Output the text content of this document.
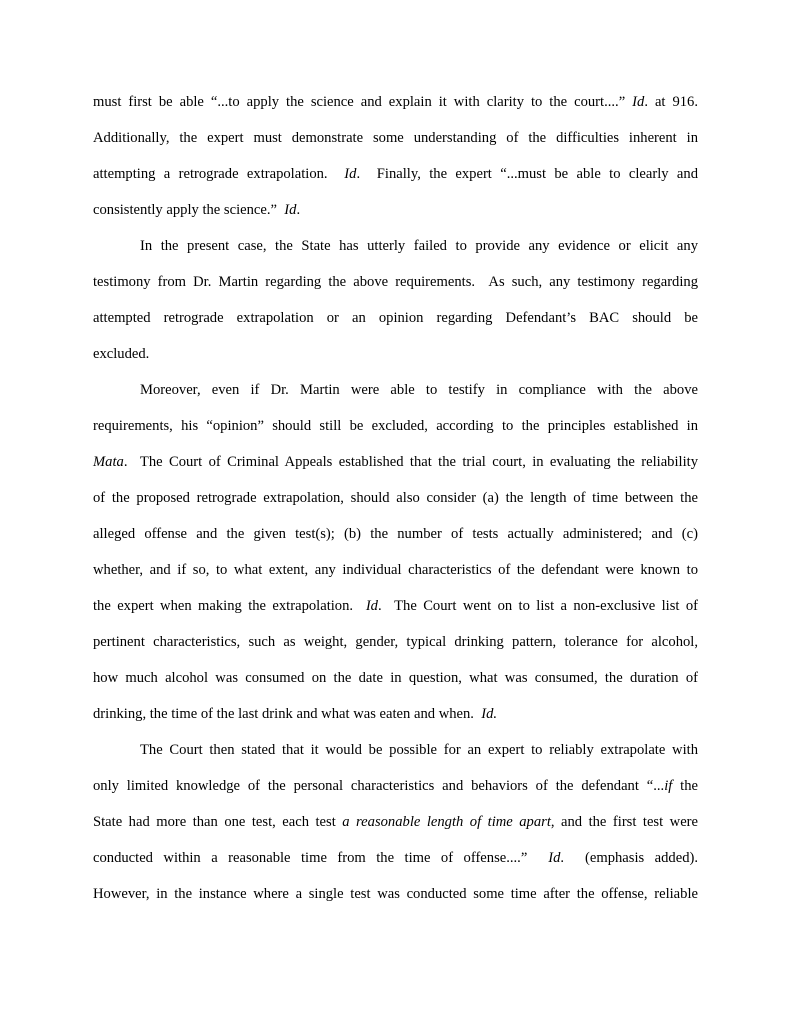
must first be able “...to apply the science and explain it with clarity to the court....” Id. at 916.
Additionally, the expert must demonstrate some understanding of the difficulties inherent in
attempting a retrograde extrapolation.  Id.  Finally, the expert “...must be able to clearly and
consistently apply the science.”  Id.
In the present case, the State has utterly failed to provide any evidence or elicit any
testimony from Dr. Martin regarding the above requirements.  As such, any testimony regarding
attempted retrograde extrapolation or an opinion regarding Defendant’s BAC should be
excluded.
Moreover, even if Dr. Martin were able to testify in compliance with the above
requirements, his “opinion” should still be excluded, according to the principles established in
Mata.  The Court of Criminal Appeals established that the trial court, in evaluating the reliability
of the proposed retrograde extrapolation, should also consider (a) the length of time between the
alleged offense and the given test(s); (b) the number of tests actually administered; and (c)
whether, and if so, to what extent, any individual characteristics of the defendant were known to
the expert when making the extrapolation.  Id.  The Court went on to list a non-exclusive list of
pertinent characteristics, such as weight, gender, typical drinking pattern, tolerance for alcohol,
how much alcohol was consumed on the date in question, what was consumed, the duration of
drinking, the time of the last drink and what was eaten and when.  Id.
The Court then stated that it would be possible for an expert to reliably extrapolate with
only limited knowledge of the personal characteristics and behaviors of the defendant “...if the
State had more than one test, each test a reasonable length of time apart, and the first test were
conducted within a reasonable time from the time of offense....”  Id.  (emphasis added).
However, in the instance where a single test was conducted some time after the offense, reliable
